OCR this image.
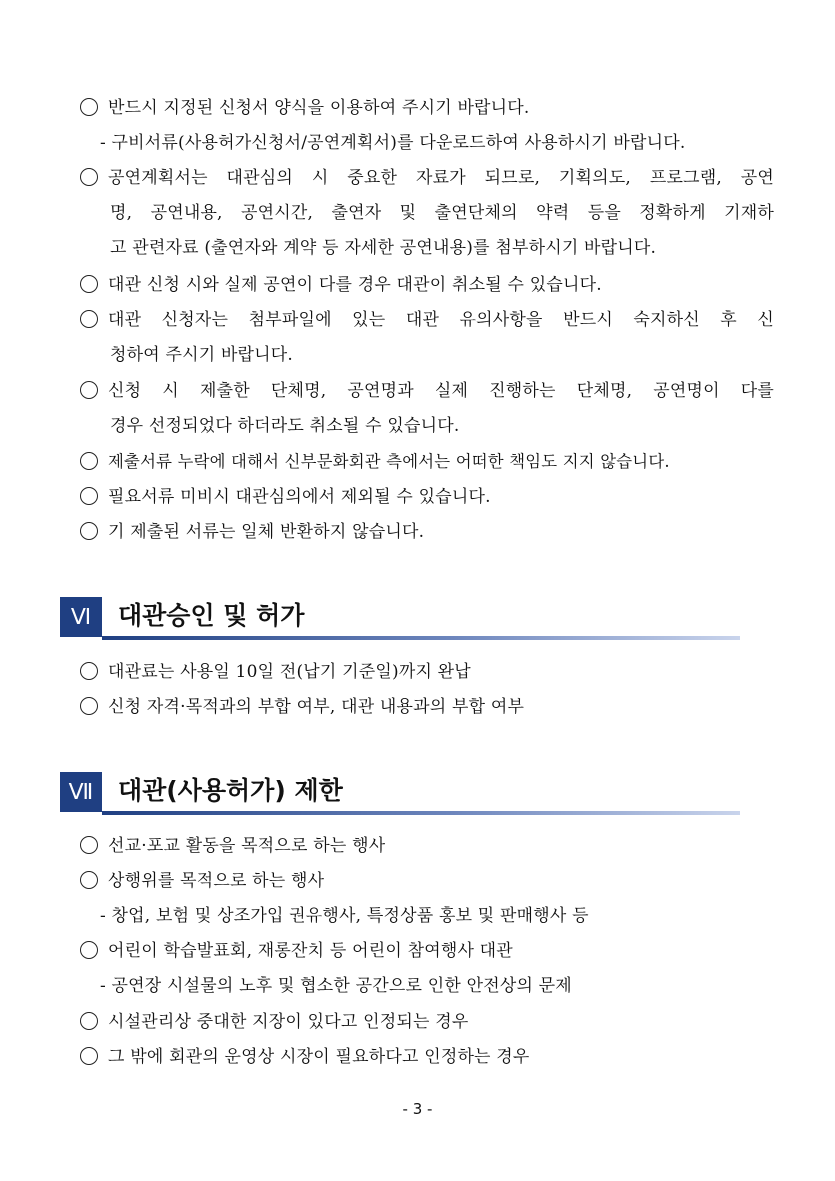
반드시 지정된 신청서 양식을 이용하여 주시기 바랍니다.
- 구비서류(사용허가신청서/공연계획서)를 다운로드하여 사용하시기 바랍니다.
공연계획서는 대관심의 시 중요한 자료가 되므로, 기획의도, 프로그램, 공연
명, 공연내용, 공연시간, 출연자 및 출연단체의 약력 등을 정확하게 기재하
고 관련자료 (출연자와 계약 등 자세한 공연내용)를 첨부하시기 바랍니다.
대관 신청 시와 실제 공연이 다를 경우 대관이 취소될 수 있습니다.
대관 신청자는 첨부파일에 있는 대관 유의사항을 반드시 숙지하신 후 신
청하여 주시기 바랍니다.
신청 시 제출한 단체명, 공연명과 실제 진행하는 단체명, 공연명이 다를
경우 선정되었다 하더라도 취소될 수 있습니다.
제출서류 누락에 대해서 신부문화회관 측에서는 어떠한 책임도 지지 않습니다.
필요서류 미비시 대관심의에서 제외될 수 있습니다.
기 제출된 서류는 일체 반환하지 않습니다.
Ⅵ	대관승인 및 허가
대관료는 사용일 10일 전(납기 기준일)까지 완납
신청 자격·목적과의 부합 여부, 대관 내용과의 부합 여부
Ⅶ 대관(사용허가) 제한
선교·포교 활동을 목적으로 하는 행사
상행위를 목적으로 하는 행사
- 창업, 보험 및 상조가입 권유행사, 특정상품 홍보 및 판매행사 등
어린이 학습발표회, 재롱잔치 등 어린이 참여행사 대관
- 공연장 시설물의 노후 및 협소한 공간으로 인한 안전상의 문제
시설관리상 중대한 지장이 있다고 인정되는 경우
그 밖에 회관의 운영상 시장이 필요하다고 인정하는 경우
- 3 -
